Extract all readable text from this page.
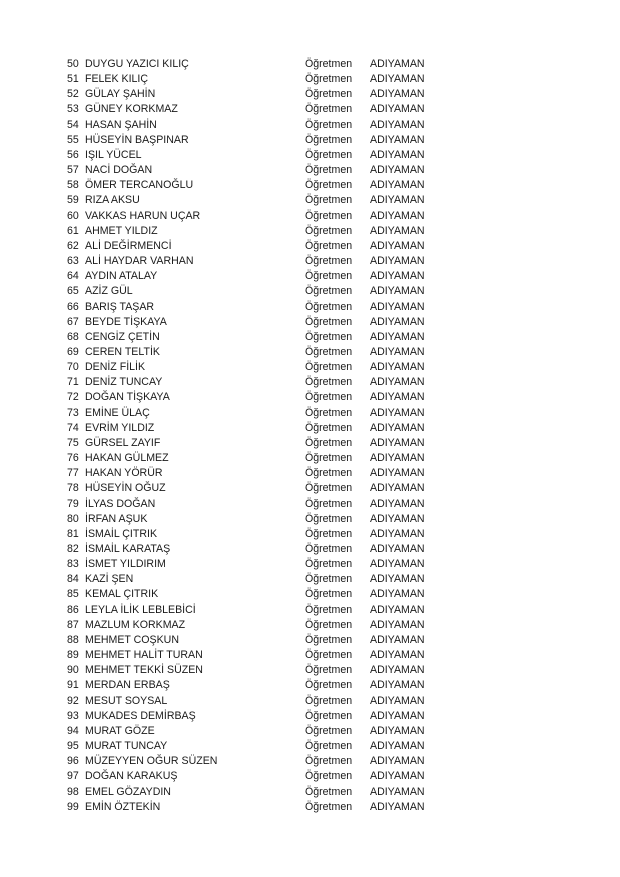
50 DUYGU YAZICI KILIÇ	Öğretmen ADIYAMAN
51 FELEK KILIÇ	Öğretmen ADIYAMAN
52 GÜLAY ŞAHİN	Öğretmen ADIYAMAN
53 GÜNEY KORKMAZ	Öğretmen ADIYAMAN
54 HASAN ŞAHİN	Öğretmen ADIYAMAN
55 HÜSEYİN BAŞPINAR	Öğretmen ADIYAMAN
56 IŞIL YÜCEL	Öğretmen ADIYAMAN
57 NACİ DOĞAN	Öğretmen ADIYAMAN
58 ÖMER TERCANOĞLU	Öğretmen ADIYAMAN
59 RIZA AKSU	Öğretmen ADIYAMAN
60 VAKKAS HARUN UÇAR	Öğretmen ADIYAMAN
61 AHMET YILDIZ	Öğretmen ADIYAMAN
62 ALİ DEĞİRMENCİ	Öğretmen ADIYAMAN
63 ALİ HAYDAR VARHAN	Öğretmen ADIYAMAN
64 AYDIN ATALAY	Öğretmen ADIYAMAN
65 AZİZ GÜL	Öğretmen ADIYAMAN
66 BARIŞ TAŞAR	Öğretmen ADIYAMAN
67 BEYDE TİŞKAYA	Öğretmen ADIYAMAN
68 CENGİZ ÇETİN	Öğretmen ADIYAMAN
69 CEREN TELTİK	Öğretmen ADIYAMAN
70 DENİZ FİLİK	Öğretmen ADIYAMAN
71 DENİZ TUNCAY	Öğretmen ADIYAMAN
72 DOĞAN TİŞKAYA	Öğretmen ADIYAMAN
73 EMİNE ÜLAÇ	Öğretmen ADIYAMAN
74 EVRİM YILDIZ	Öğretmen ADIYAMAN
75 GÜRSEL ZAYIF	Öğretmen ADIYAMAN
76 HAKAN GÜLMEZ	Öğretmen ADIYAMAN
77 HAKAN YÖRÜR	Öğretmen ADIYAMAN
78 HÜSEYİN OĞUZ	Öğretmen ADIYAMAN
79 İLYAS DOĞAN	Öğretmen ADIYAMAN
80 İRFAN AŞUK	Öğretmen ADIYAMAN
81 İSMAİL ÇITRIK	Öğretmen ADIYAMAN
82 İSMAİL KARATAŞ	Öğretmen ADIYAMAN
83 İSMET YILDIRIM	Öğretmen ADIYAMAN
84 KAZİ ŞEN	Öğretmen ADIYAMAN
85 KEMAL ÇITRIK	Öğretmen ADIYAMAN
86 LEYLA İLİK LEBLEBİCİ	Öğretmen ADIYAMAN
87 MAZLUM KORKMAZ	Öğretmen ADIYAMAN
88 MEHMET COŞKUN	Öğretmen ADIYAMAN
89 MEHMET HALİT TURAN	Öğretmen ADIYAMAN
90 MEHMET TEKKİ SÜZEN	Öğretmen ADIYAMAN
91 MERDAN ERBAŞ	Öğretmen ADIYAMAN
92 MESUT SOYSAL	Öğretmen ADIYAMAN
93 MUKADES DEMİRBAŞ	Öğretmen ADIYAMAN
94 MURAT GÖZE	Öğretmen ADIYAMAN
95 MURAT TUNCAY	Öğretmen ADIYAMAN
96 MÜZEYYEN OĞUR SÜZEN	Öğretmen ADIYAMAN
97 DOĞAN KARAKUŞ	Öğretmen ADIYAMAN
98 EMEL GÖZAYDIN	Öğretmen ADIYAMAN
99 EMİN ÖZTEKİN	Öğretmen ADIYAMAN
